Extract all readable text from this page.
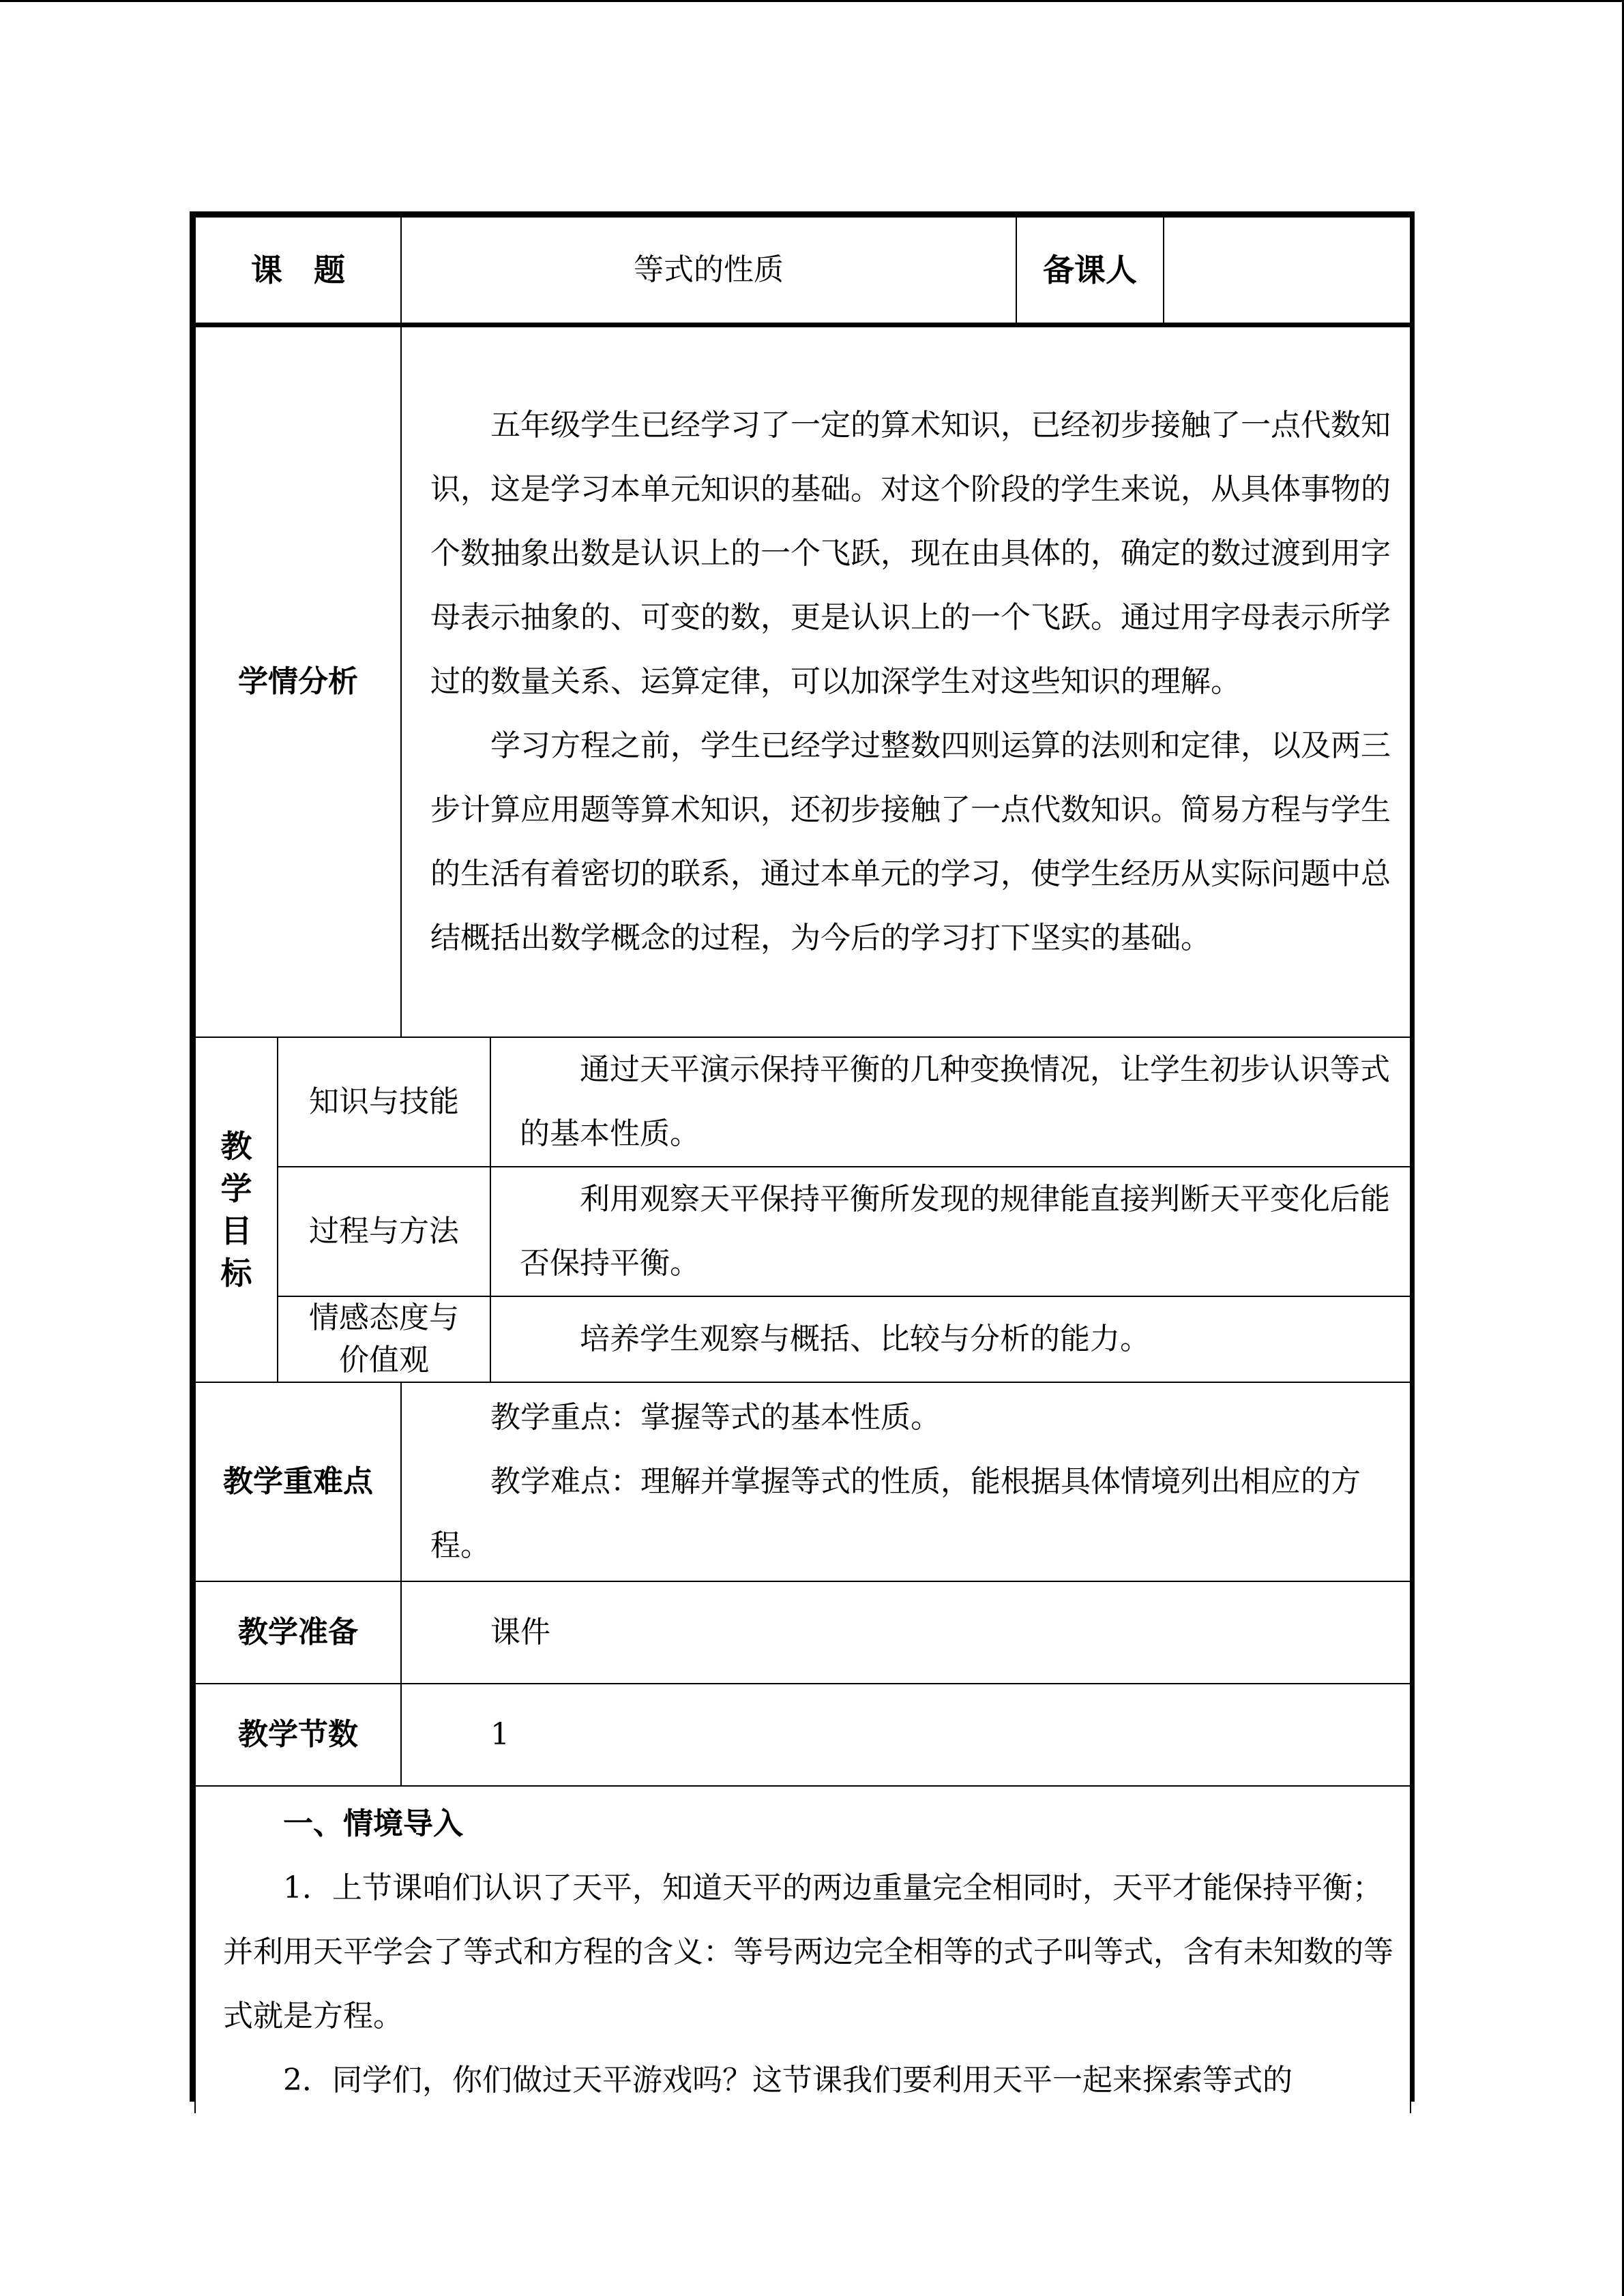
课　题		等式的性质		备课人	
学情分析		五年级学生已经学习了一定的算术知识，已经初步接触了一点代数知识，这是学习本单元知识的基础。对这个阶段的学生来说，从具体事物的个数抽象出数是认识上的一个飞跃，现在由具体的，确定的数过渡到用字母表示抽象的、可变的数，更是认识上的一个飞跃。通过用字母表示所学过的数量关系、运算定律，可以加深学生对这些知识的理解。

学习方程之前，学生已经学过整数四则运算的法则和定律，以及两三步计算应用题等算术知识，还初步接触了一点代数知识。简易方程与学生的生活有着密切的联系，通过本单元的学习，使学生经历从实际问题中总结概括出数学概念的过程，为今后的学习打下坚实的基础。			

教
学
目
标	知识与技能		通过天平演示保持平衡的几种变换情况，让学生初步认识等式的基本性质。		

	过程与方法		利用观察天平保持平衡所发现的规律能直接判断天平变化后能否保持平衡。		

	情感态度与
价值观		培养学生观察与概括、比较与分析的能力。		

教学重难点		教学重点：掌握等式的基本性质。

教学难点：理解并掌握等式的性质，能根据具体情境列出相应的方程。			

教学准备		课件			

教学节数		1			

一、情境导入

1．上节课咱们认识了天平，知道天平的两边重量完全相同时，天平才能保持平衡；并利用天平学会了等式和方程的含义：等号两边完全相等的式子叫等式，含有未知数的等式就是方程。

2．同学们，你们做过天平游戏吗？这节课我们要利用天平一起来探索等式的					
